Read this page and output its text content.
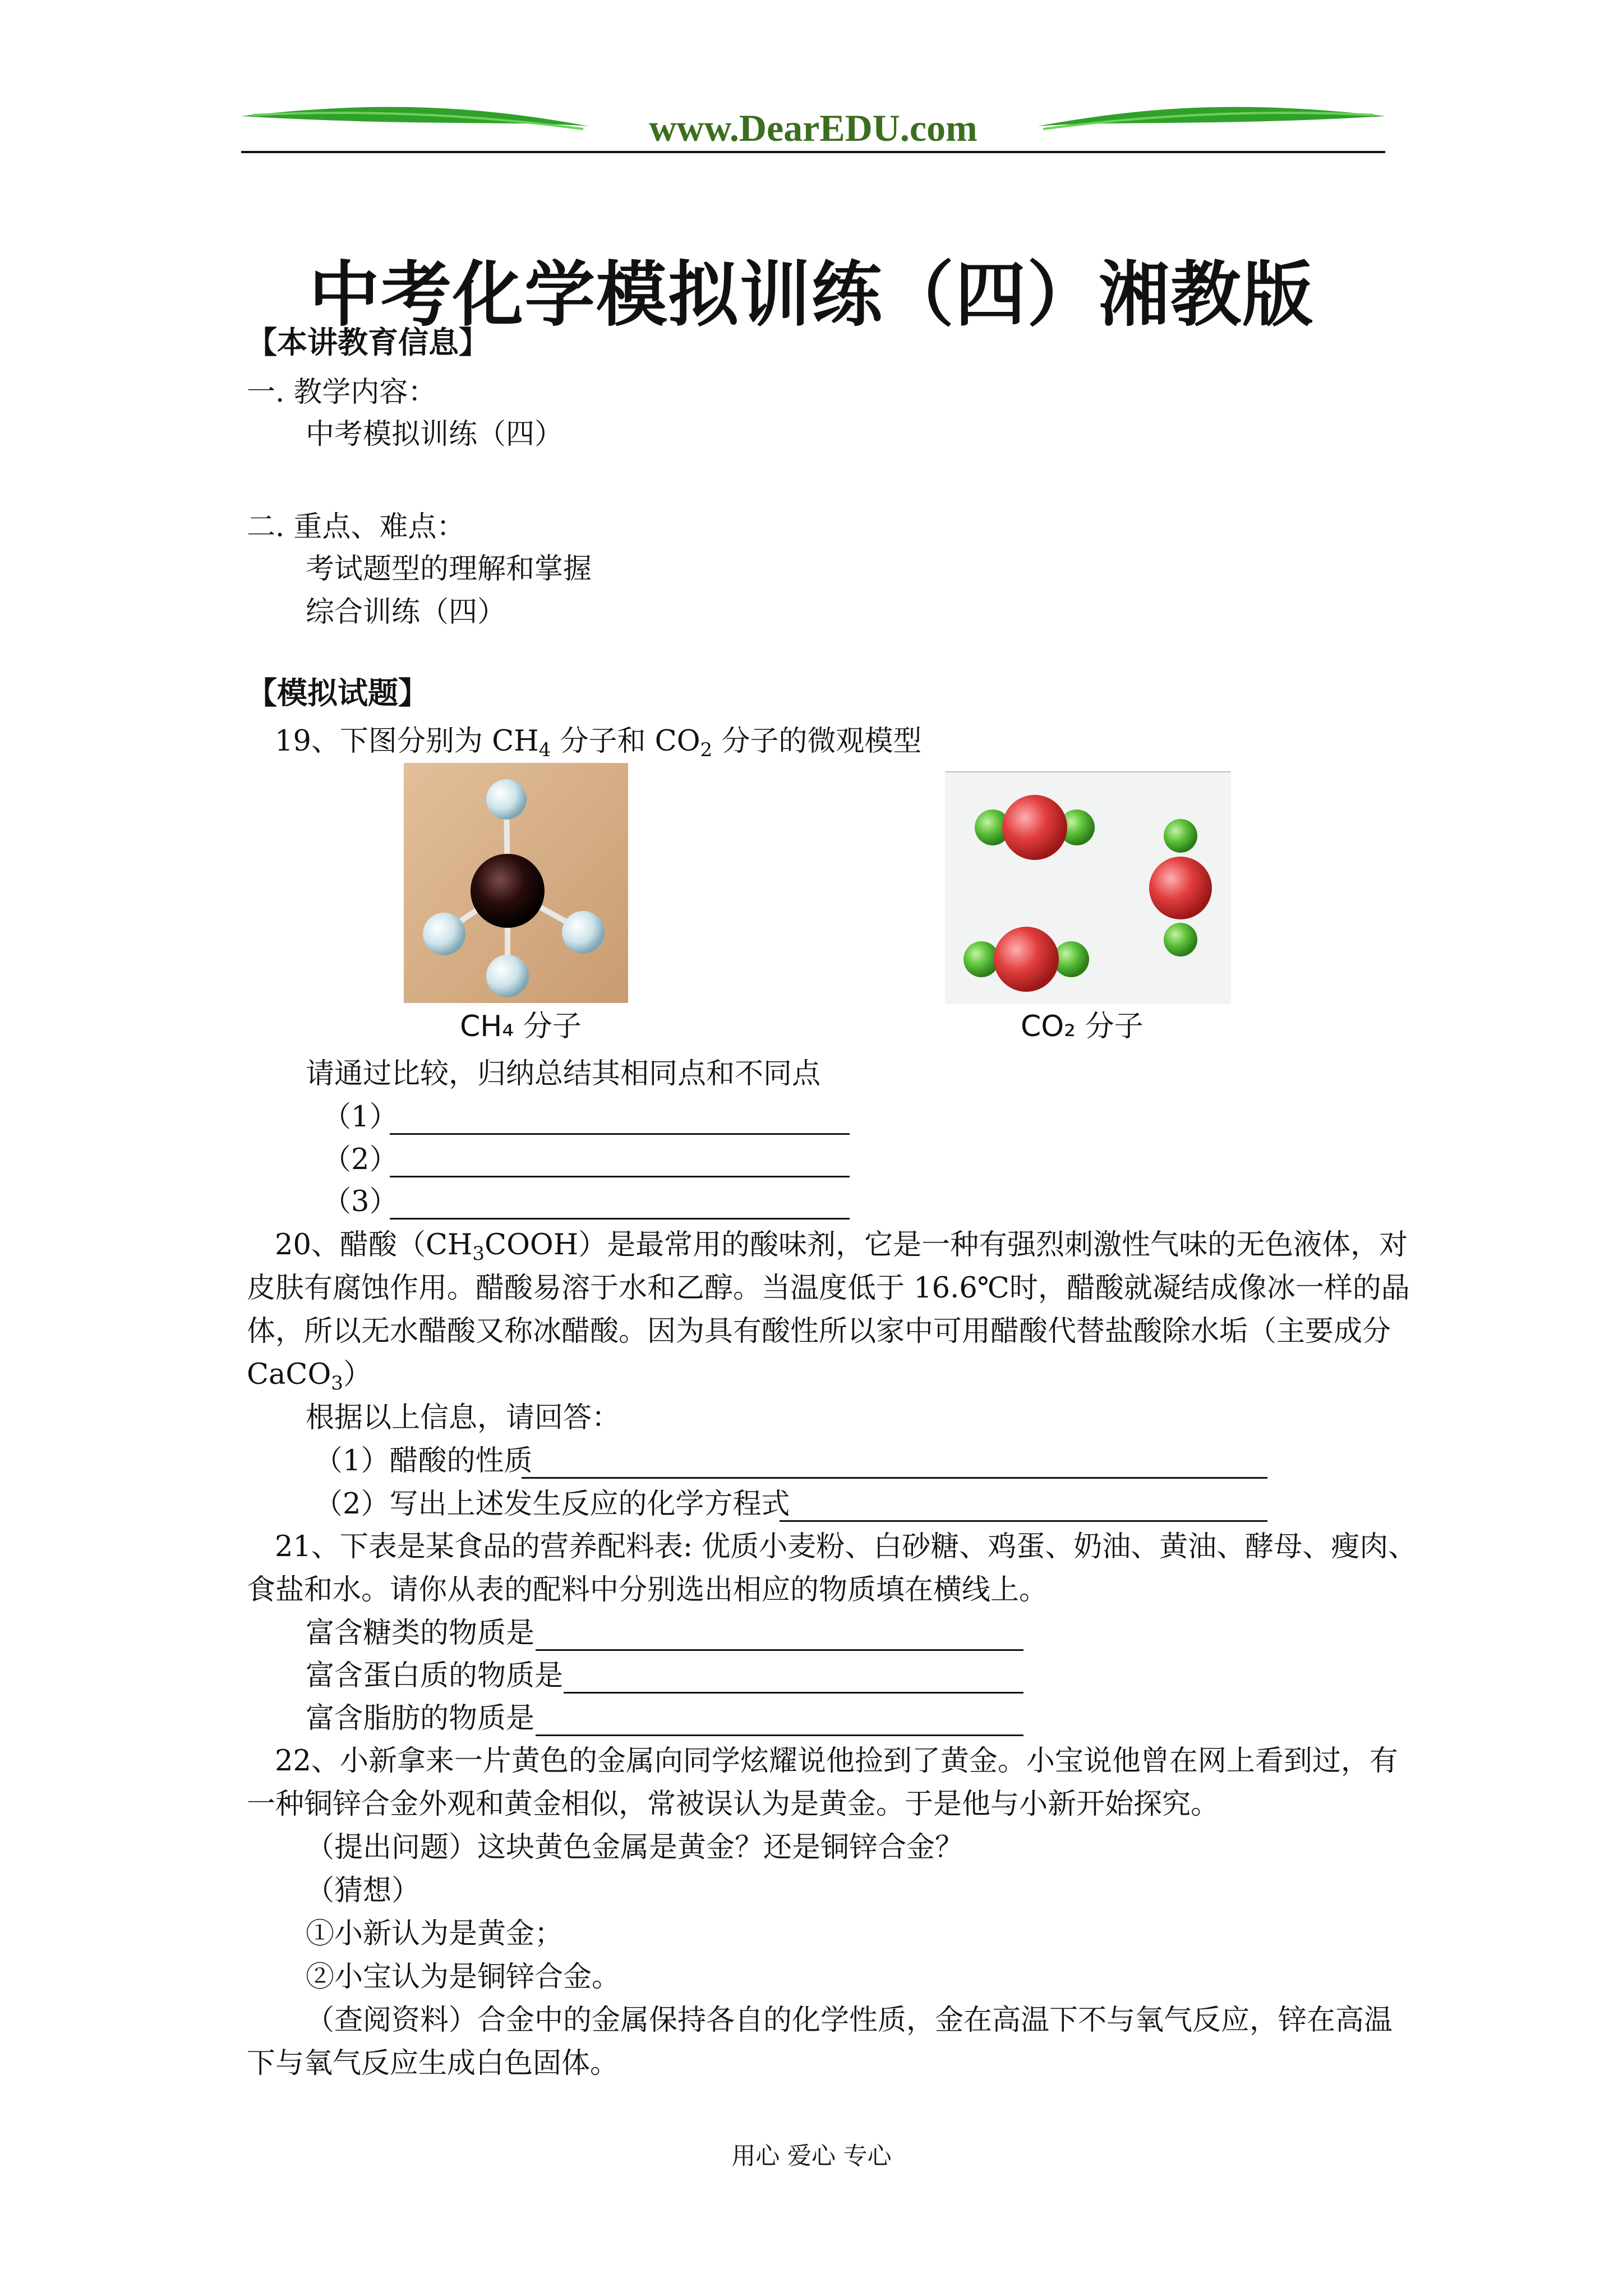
www.DearEDU.com
中考化学模拟训练（四）湘教版
【本讲教育信息】
一. 教学内容：
中考模拟训练（四）
二. 重点、难点：
考试题型的理解和掌握
综合训练（四）
【模拟试题】
19、下图分别为 $CH_4$ 分子和 $CO_2$ 分子的微观模型
CH₄ 分子	CO₂ 分子
请通过比较，归纳总结其相同点和不同点
（1）
（2）
（3）
20、醋酸$(CH_3COOH)$是最常用的酸味剂，它是一种有强烈刺激性气味的无色液体，对
皮肤有腐蚀作用。醋酸易溶于水和乙醇。当温度低于 16.6℃时，醋酸就凝结成像冰一样的晶
体，所以无水醋酸又称冰醋酸。因为具有酸性所以家中可用醋酸代替盐酸除水垢（主要成分
CaCO$_3$）
根据以上信息，请回答：
（1）醋酸的性质
（2）写出上述发生反应的化学方程式
21、下表是某食品的营养配料表: 优质小麦粉、白砂糖、鸡蛋、奶油、黄油、酵母、瘦肉、
食盐和水。请你从表的配料中分别选出相应的物质填在横线上。
富含糖类的物质是
富含蛋白质的物质是
富含脂肪的物质是
22、小新拿来一片黄色的金属向同学炫耀说他捡到了黄金。小宝说他曾在网上看到过，有
一种铜锌合金外观和黄金相似，常被误认为是黄金。于是他与小新开始探究。
（提出问题）这块黄色金属是黄金？还是铜锌合金？
（猜想）
①小新认为是黄金；
②小宝认为是铜锌合金。
（查阅资料）合金中的金属保持各自的化学性质，金在高温下不与氧气反应，锌在高温
下与氧气反应生成白色固体。
用心 爱心 专心
